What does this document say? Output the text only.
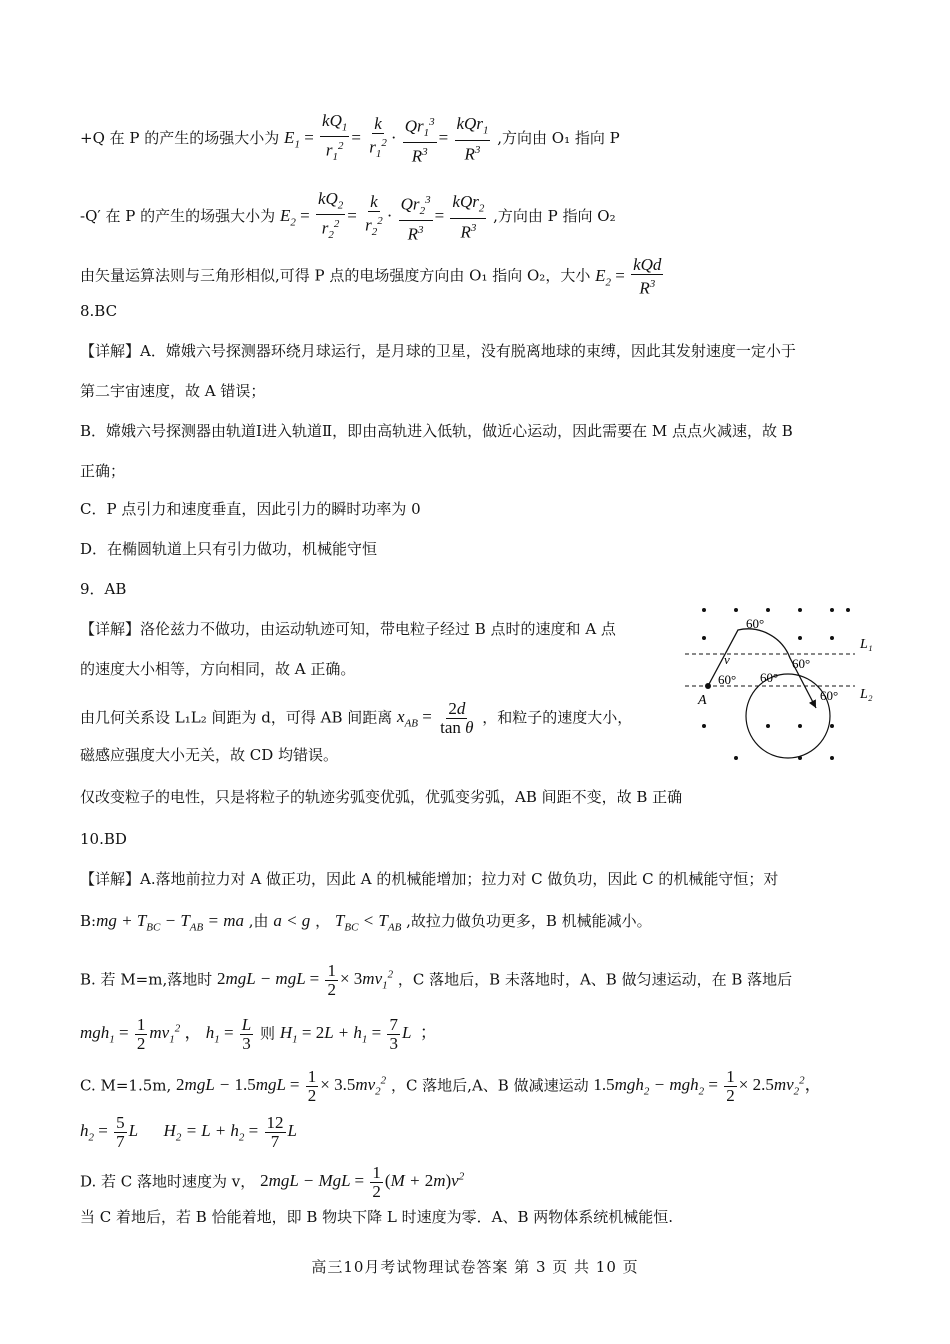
+Q 在 P 的产生的场强大小为 $E_1 = \frac{kQ_1}{r_1^2} = \frac{k}{r_1^2} \cdot \frac{Qr_1^3}{R^3} = \frac{kQr_1}{R^3}$ ,方向由 O₁ 指向 P
-Q′ 在 P 的产生的场强大小为 $E_2 = \frac{kQ_2}{r_2^2} = \frac{k}{r_2^2} \cdot \frac{Qr_2^3}{R^3} = \frac{kQr_2}{R^3}$ ,方向由 P 指向 O₂
由矢量运算法则与三角形相似,可得 P 点的电场强度方向由 O₁ 指向 O₂，大小 $E_2 = \frac{\text{kQd}}{R^3}$
8.BC
【详解】A．嫦娥六号探测器环绕月球运行，是月球的卫星，没有脱离地球的束缚，因此其发射速度一定小于
第二宇宙速度，故 A 错误；
B．嫦娥六号探测器由轨道Ⅰ进入轨道Ⅱ，即由高轨进入低轨，做近心运动，因此需要在 M 点点火减速，故 B
正确；
C．P 点引力和速度垂直，因此引力的瞬时功率为 0
D．在椭圆轨道上只有引力做功，机械能守恒
9．AB
【详解】洛伦兹力不做功，由运动轨迹可知，带电粒子经过 B 点时的速度和 A 点
的速度大小相等，方向相同，故 A 正确。
由几何关系设 L₁L₂ 间距为 d，可得 AB 间距离 $x_{AB} = \frac{2d}{\text{tan θ}}$ ，和粒子的速度大小，
磁感应强度大小无关，故 CD 均错误。
仅改变粒子的电性，只是将粒子的轨迹劣弧变优弧，优弧变劣弧，AB 间距不变，故 B 正确
L₁
L₂
A
v
60°
60°
60°
60°
60°
10.BD
【详解】A.落地前拉力对 A 做正功，因此 A 的机械能增加；拉力对 C 做负功，因此 C 的机械能守恒；对
B:mg + $T_{BC} - T_{AB}$ = ma ,由 a < g ， $T_{BC} < T_{AB}$ ,故拉力做负功更多，B 机械能减小。
B. 若 M=m,落地时 2mgL − mgL = $\frac{1}{2} \times 3mv_1^2$ ，C 落地后，B 未落地时，A、B 做匀速运动，在 B 落地后
$mgh_1 = \frac{1}{2} mv_1^2$ ， $h_1 = \frac{L}{3}$ 则 $H_1 = 2L + h_1 = \frac{7}{3}$ L  ；
C. M=1.5m, $2mgL - 1.5mgL = \frac{1}{2} \times 3.5mv_2^2$ ，C 落地后,A、B 做减速运动 $1.5mgh_2 - mgh_2 = \frac{1}{2} \times 2.5mv_2^2$，
$h_2 = \frac{5}{7}$ L      $H_2 = L + h_2 = \frac{12}{7}$ L
D. 若 C 落地时速度为 v， 2mgL − MgL = $\frac{1}{2} (M + 2m)v^2$
当 C 着地后，若 B 恰能着地，即 B 物块下降 L 时速度为零．A、B 两物体系统机械能恒.
高三10月考试物理试卷答案 第 3 页 共 10 页
